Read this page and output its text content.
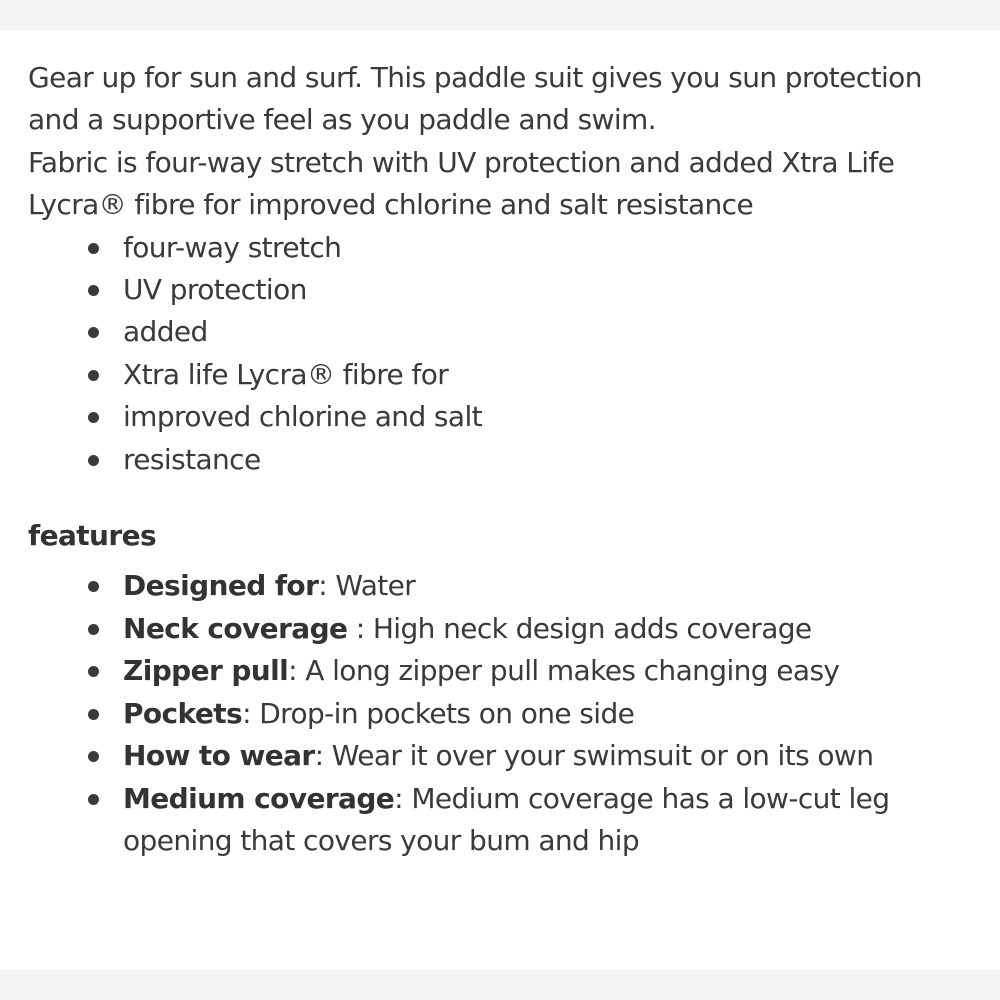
Gear up for sun and surf. This paddle suit gives you sun protection and a supportive feel as you paddle and swim.

Fabric is four-way stretch with UV protection and added Xtra Life Lycra® fibre for improved chlorine and salt resistance

four-way stretch
UV protection
added
Xtra life Lycra® fibre for
improved chlorine and salt
resistance
features
Designed for: Water
Neck coverage : High neck design adds coverage
Zipper pull: A long zipper pull makes changing easy
Pockets: Drop-in pockets on one side
How to wear: Wear it over your swimsuit or on its own
Medium coverage: Medium coverage has a low-cut leg opening that covers your bum and hip
